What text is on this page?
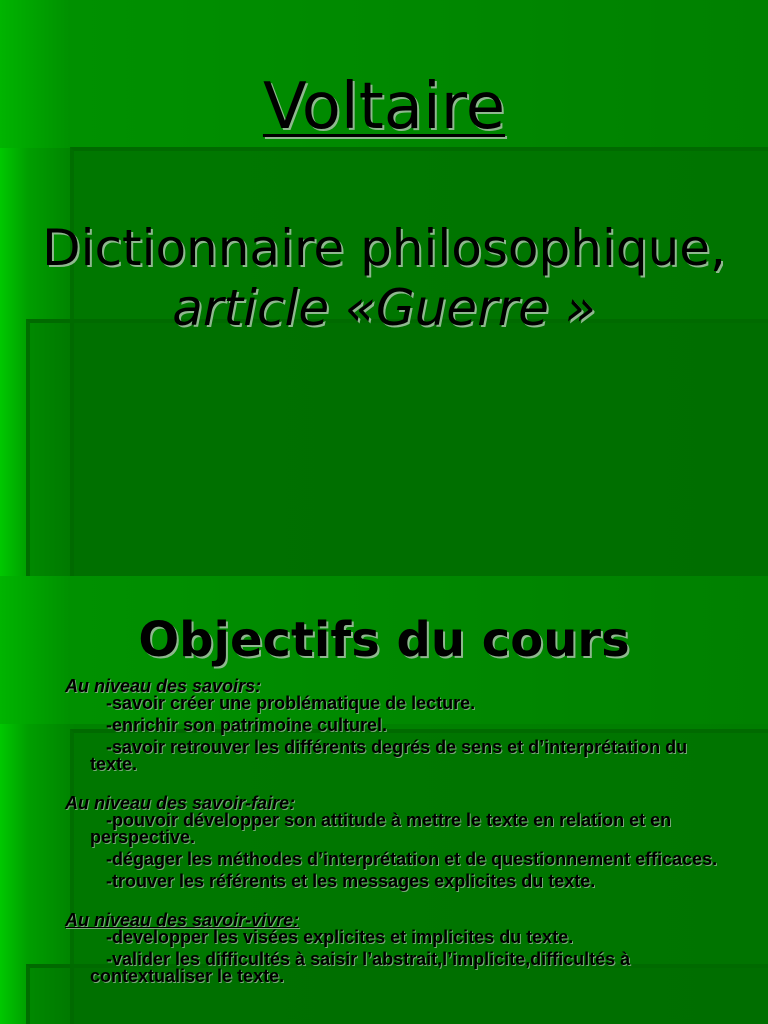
Voltaire
Dictionnaire philosophique,
article «Guerre »
Objectifs du cours

Au niveau des savoirs:

-savoir créer une problématique de lecture.

-enrichir son patrimoine culturel.

-savoir retrouver les différents degrés de sens et d’interprétation du texte.

Au niveau des savoir-faire:

-pouvoir développer son attitude à mettre le texte en relation et en perspective.

-dégager les méthodes d’interprétation et de questionnement efficaces.

-trouver les référents et les messages explicites du texte.

Au niveau des savoir-vivre:

-developper les visées explicites et implicites du texte.

-valider les difficultés à saisir l’abstrait,l’implicite,difficultés à contextualiser le texte.
